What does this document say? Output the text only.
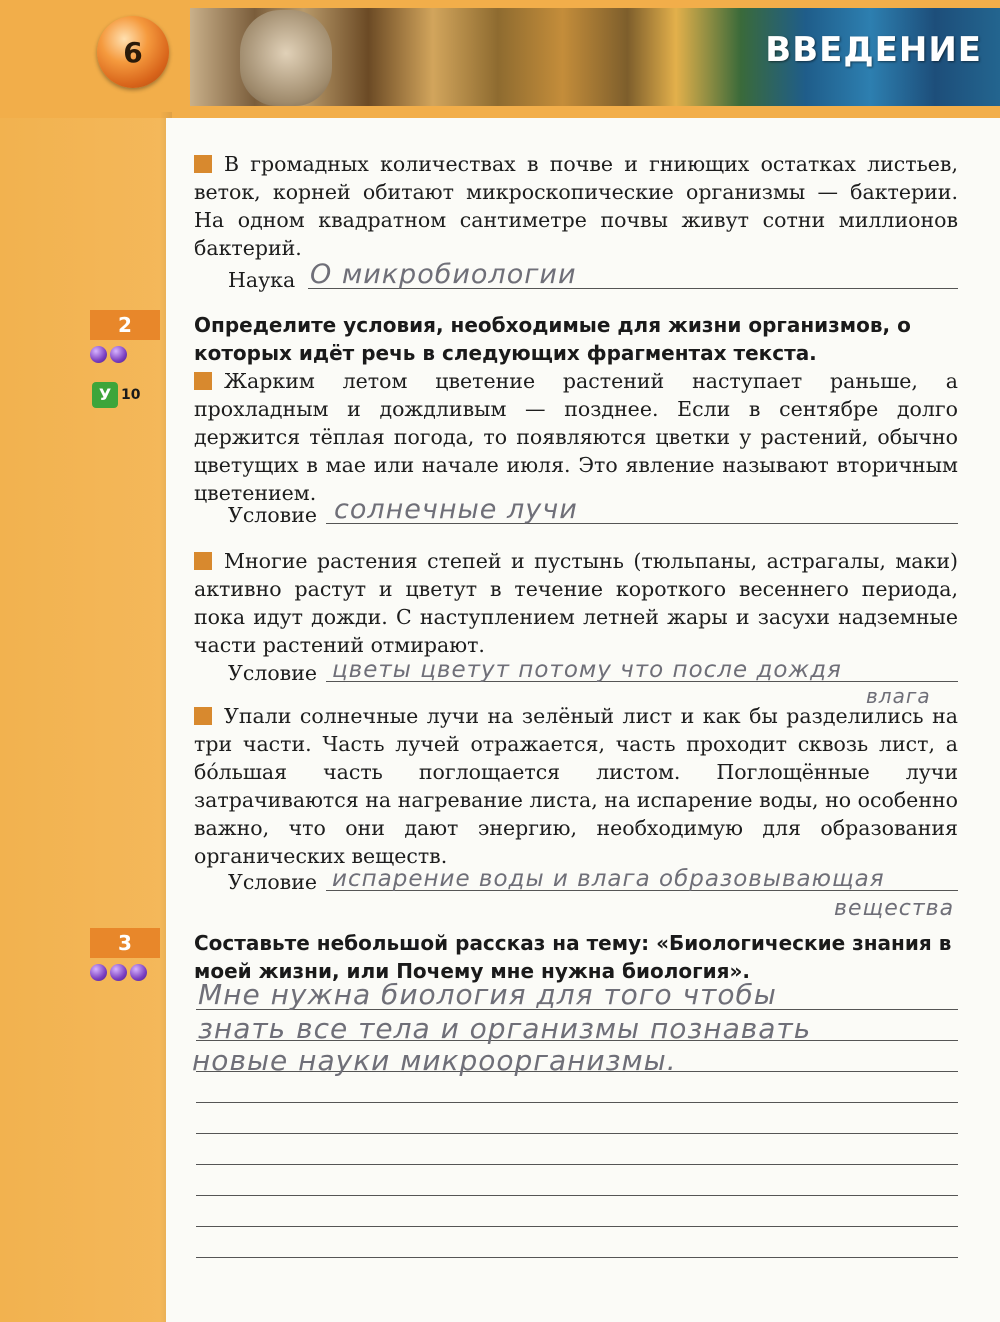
ВВЕДЕНИЕ
6
В громадных количествах в почве и гниющих остатках листьев, веток, корней обитают микроскопические организмы — бактерии. На одном квадратном сантиметре почвы живут сотни миллионов бактерий.
Наука О микробиологии
2
У 10
Определите условия, необходимые для жизни организмов, о которых идёт речь в следующих фрагментах текста.
Жарким летом цветение растений наступает раньше, а прохладным и дождливым — позднее. Если в сентябре долго держится тёплая погода, то появляются цветки у растений, обычно цветущих в мае или начале июля. Это явление называют вторичным цветением.
Условие солнечные лучи
Многие растения степей и пустынь (тюльпаны, астрагалы, маки) активно растут и цветут в течение короткого весеннего периода, пока идут дожди. С наступлением летней жары и засухи надземные части растений отмирают.
Условие цветы цветут потому что после дождя
влага
Упали солнечные лучи на зелёный лист и как бы разделились на три части. Часть лучей отражается, часть проходит сквозь лист, а бóльшая часть поглощается листом. Поглощённые лучи затрачиваются на нагревание листа, на испарение воды, но особенно важно, что они дают энергию, необходимую для образования органических веществ.
Условие испарение воды и влага образовывающая
вещества
3	Составьте небольшой рассказ на тему: «Биологические знания в моей жизни, или Почему мне нужна биология».
Мне нужна биология для того чтобы
знать все тела и организмы познавать
новые науки микроорганизмы.
